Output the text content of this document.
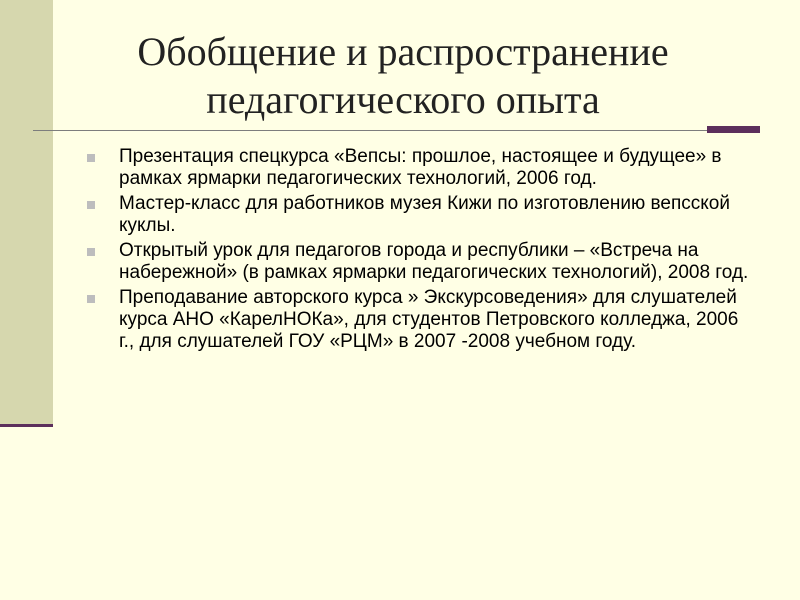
Обобщение и распространение педагогического опыта
Презентация спецкурса «Вепсы: прошлое, настоящее и будущее» в рамках ярмарки педагогических технологий, 2006 год.
Мастер-класс для работников музея Кижи по изготовлению вепсской куклы.
Открытый урок для педагогов города и республики – «Встреча на набережной» (в рамках ярмарки педагогических технологий), 2008 год.
Преподавание авторского курса » Экскурсоведения» для слушателей курса АНО «КарелНОКа», для студентов Петровского колледжа, 2006 г., для слушателей ГОУ «РЦМ» в 2007 -2008 учебном году.
